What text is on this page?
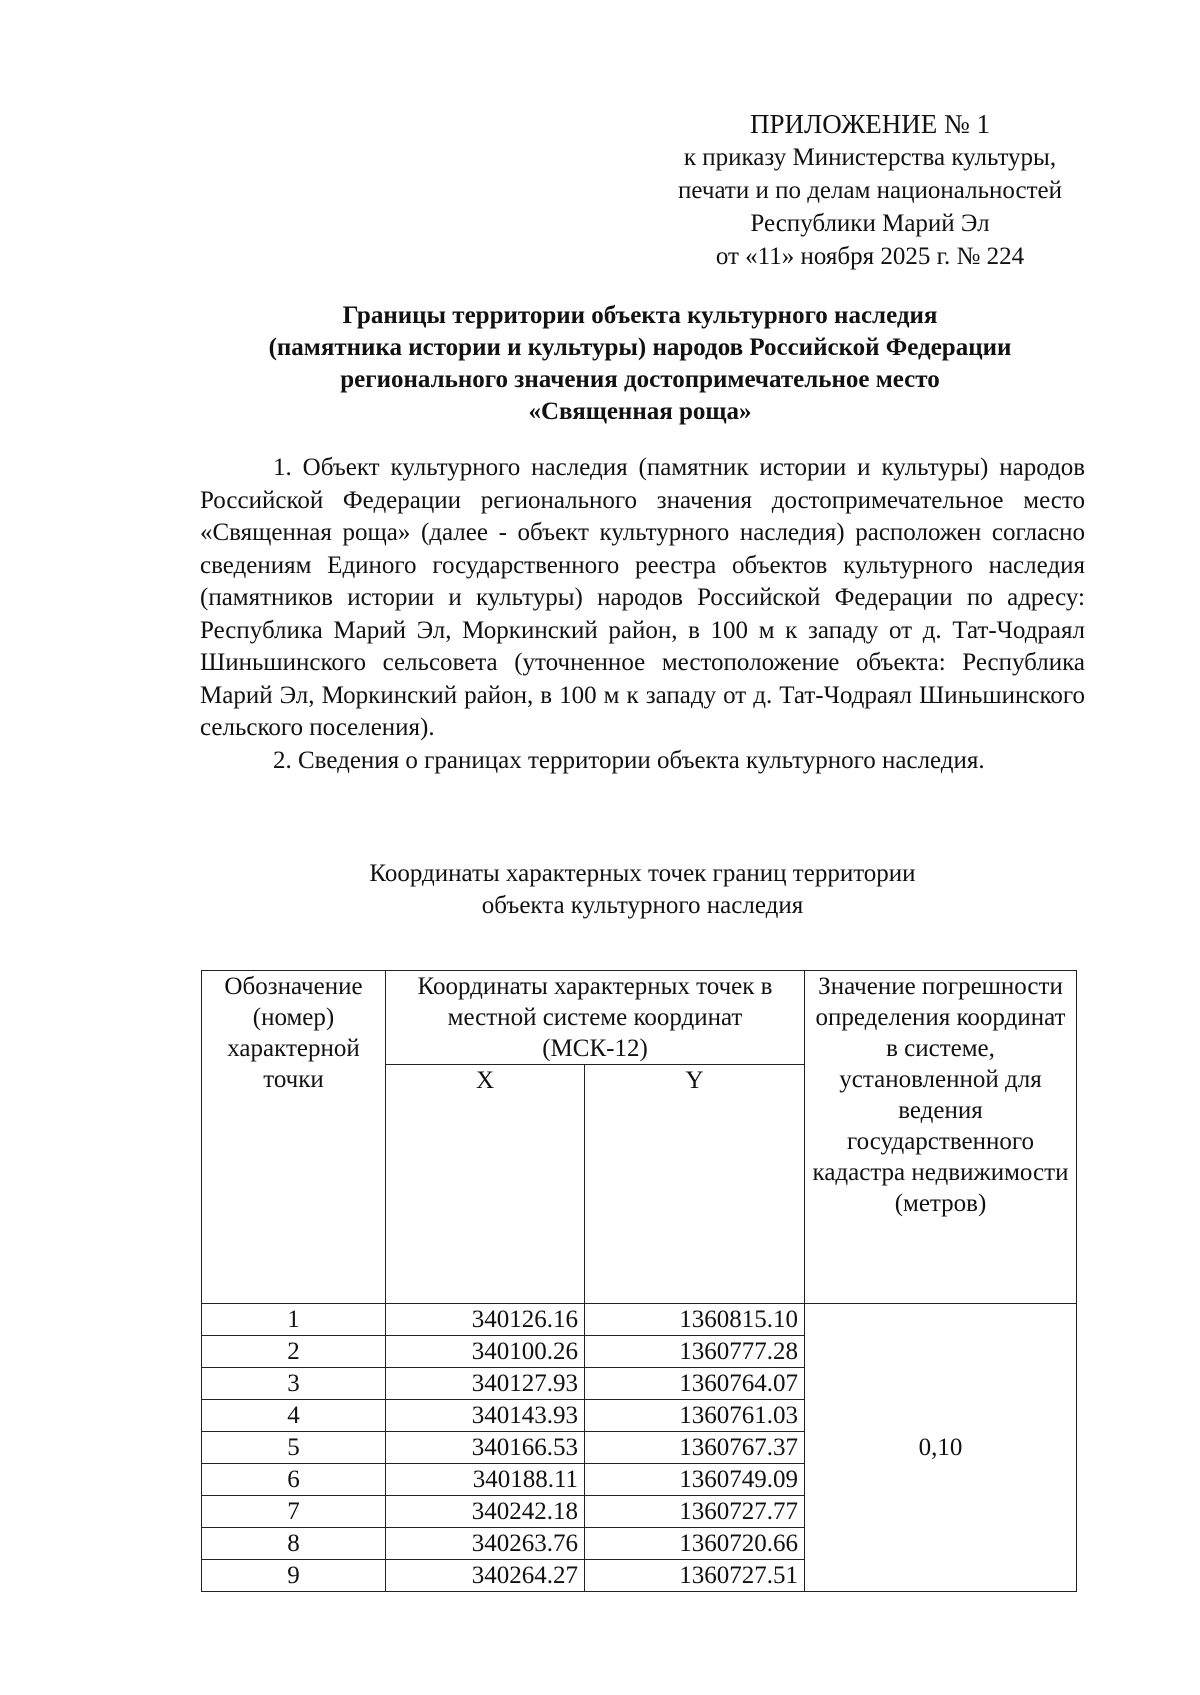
ПРИЛОЖЕНИЕ № 1
к приказу Министерства культуры,
печати и по делам национальностей
Республики Марий Эл
от «11» ноября 2025 г. № 224
Границы территории объекта культурного наследия
(памятника истории и культуры) народов Российской Федерации
регионального значения достопримечательное место
«Священная роща»

1. Объект культурного наследия (памятник истории и культуры) народов Российской Федерации регионального значения достопримечательное место «Священная роща» (далее - объект культурного наследия) расположен согласно сведениям Единого государственного реестра объектов культурного наследия (памятников истории и культуры) народов Российской Федерации по адресу: Республика Марий Эл, Моркинский район, в 100 м к западу от д. Тат-Чодраял Шиньшинского сельсовета (уточненное местоположение объекта: Республика Марий Эл, Моркинский район, в 100 м к западу от д. Тат-Чодраял Шиньшинского сельского поселения).

2. Сведения о границах территории объекта культурного наследия.

Координаты характерных точек границ территории
объекта культурного наследия
Обозначение (номер) характерной точки	Координаты характерных точек в местной системе координат (МСК-12)		Значение погрешности определения координат в системе, установленной для ведения государственного кадастра недвижимости (метров)
	X	Y	
1	340126.16	1360815.10	0,10
2	340100.26	1360777.28	
3	340127.93	1360764.07	
4	340143.93	1360761.03	
5	340166.53	1360767.37	
6	340188.11	1360749.09	
7	340242.18	1360727.77	
8	340263.76	1360720.66	
9	340264.27	1360727.51	
